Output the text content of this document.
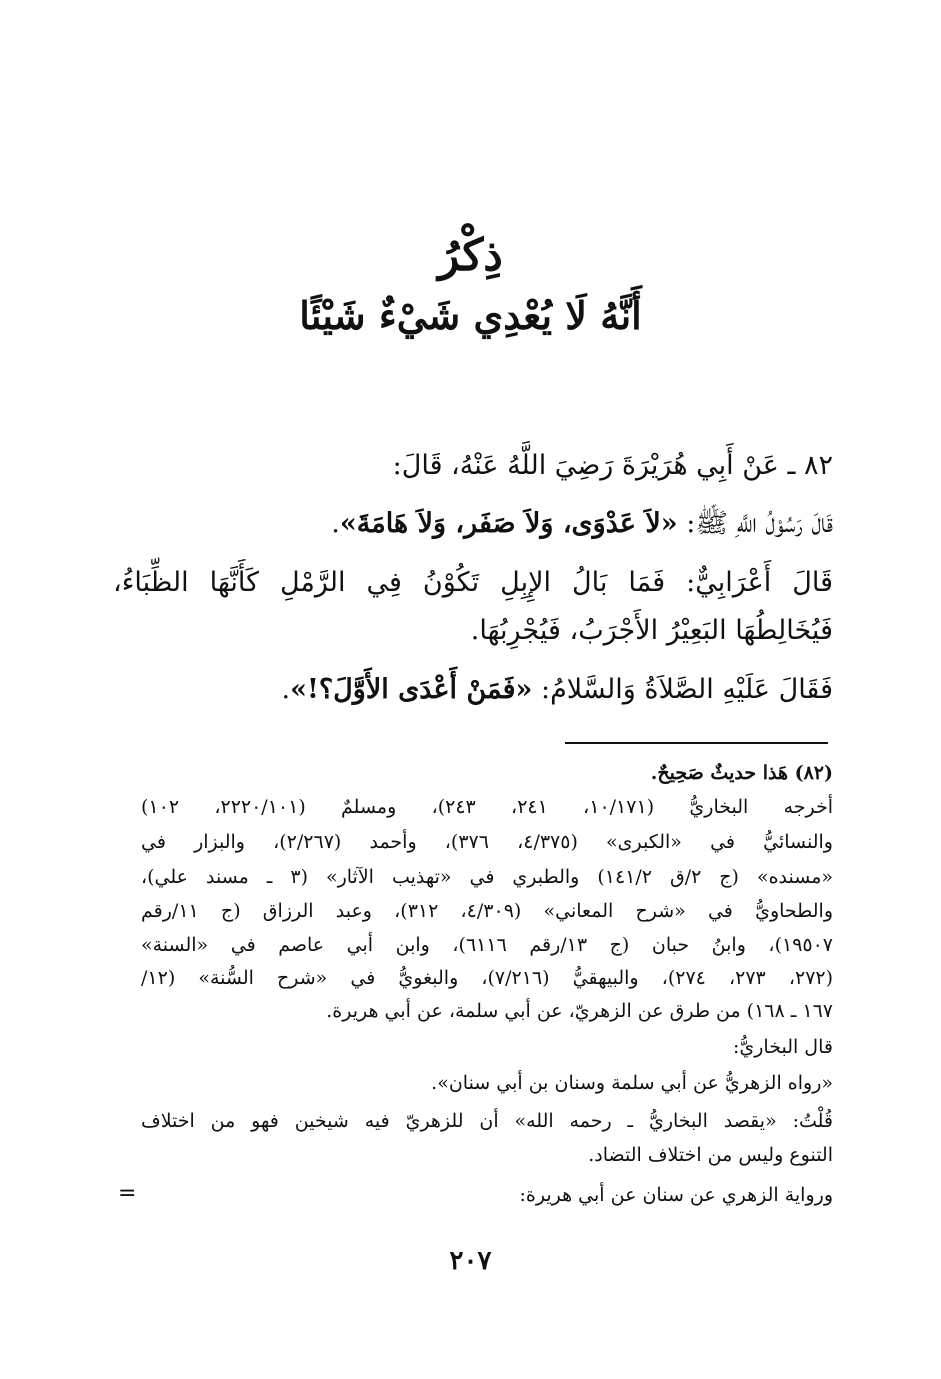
ذِكْرُ
أَنَّهُ لَا يُعْدِي شَيْءٌ شَيْئًا
٨٢ ـ عَنْ أَبِي هُرَيْرَةَ رَضِيَ اللَّهُ عَنْهُ، قَالَ:
قَالَ رَسُوْلُ اللَّهِ ﷺ: «لاَ عَدْوَى، وَلاَ صَفَر، وَلاَ هَامَةَ».
قَالَ أَعْرَابِيٌّ: فَمَا بَالُ الإِبِلِ تَكُوْنُ فِي الرَّمْلِ كَأَنَّهَا الظِّبَاءُ،
فَيُخَالِطُهَا البَعِيْرُ الأَجْرَبُ، فَيُجْرِبُهَا.
فَقَالَ عَلَيْهِ الصَّلاَةُ وَالسَّلامُ: «فَمَنْ أَعْدَى الأَوَّلَ؟!».
(٨٢) هَذا حديثٌ صَحِيحٌ.
أخرجه البخاريُّ (١٠/١٧١، ٢٤١، ٢٤٣)، ومسلمٌ (٢٢٢٠/١٠١، ١٠٢)
والنسائيُّ في «الكبرى» (٤/٣٧٥، ٣٧٦)، وأحمد (٢/٢٦٧)، والبزار في
«مسنده» (ج ٢/ق ١٤١/٢) والطبري في «تهذيب الآثار» (٣ ـ مسند علي)،
والطحاويُّ في «شرح المعاني» (٤/٣٠٩، ٣١٢)، وعبد الرزاق (ج ١١/رقم
١٩٥٠٧)، وابنُ حبان (ج ١٣/رقم ٦١١٦)، وابن أبي عاصم في «السنة»
(٢٧٢، ٢٧٣، ٢٧٤)، والبيهقيُّ (٧/٢١٦)، والبغويُّ في «شرح السُّنة» (١٢/
١٦٧ ـ ١٦٨) من طرق عن الزهريّ، عن أبي سلمة، عن أبي هريرة.
قال البخاريُّ:
«رواه الزهريُّ عن أبي سلمة وسنان بن أبي سنان».
قُلْتُ: «يقصد البخاريُّ ـ رحمه الله» أن للزهريّ فيه شيخين فهو من اختلاف
التنوع وليس من اختلاف التضاد.
ورواية الزهري عن سنان عن أبي هريرة:
=
٢٠٧
